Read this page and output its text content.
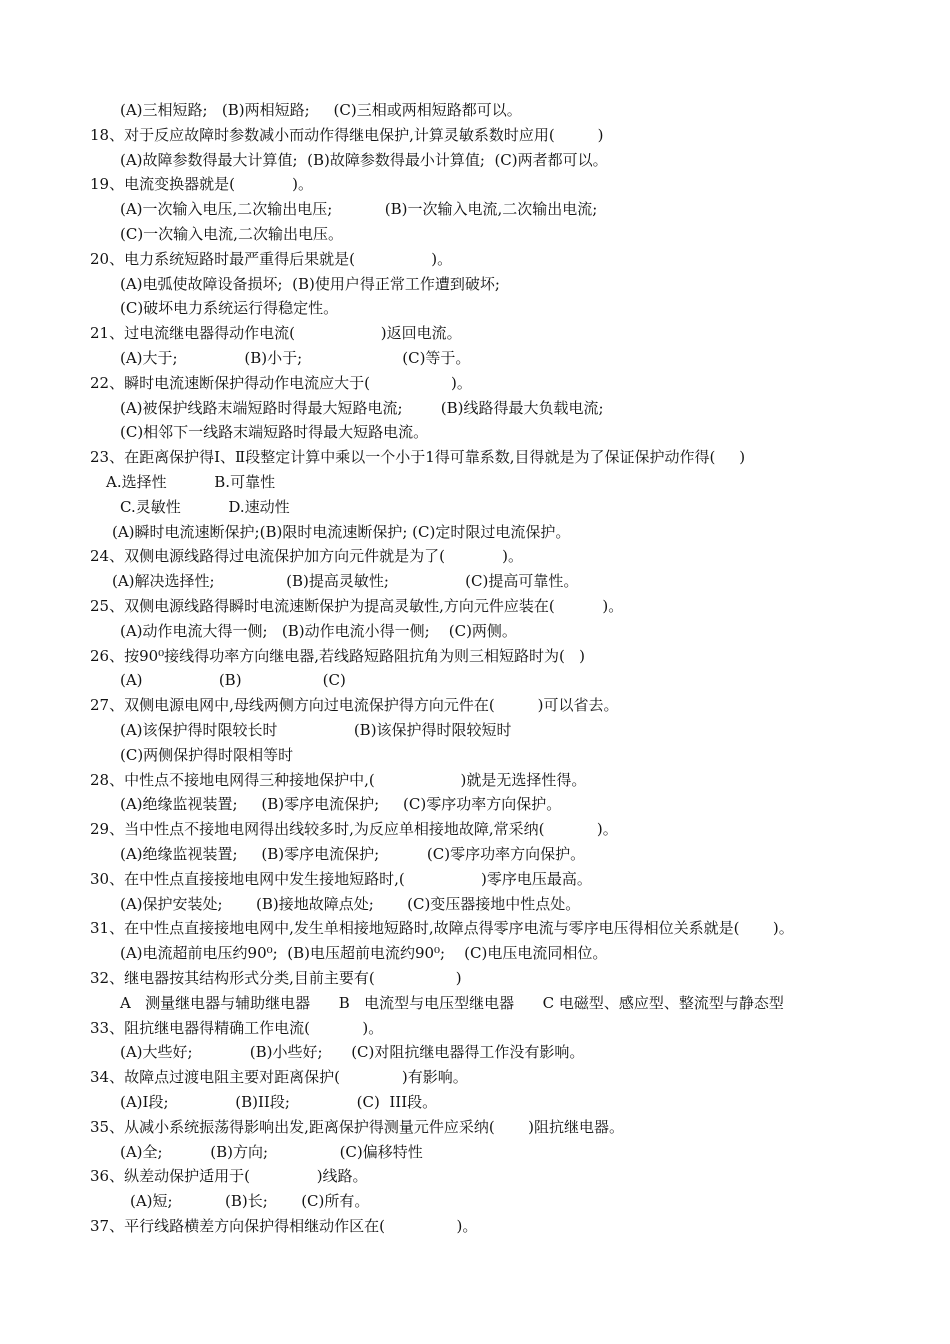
(A)三相短路;   (B)两相短路;     (C)三相或两相短路都可以。
18、对于反应故障时参数减小而动作得继电保护,计算灵敏系数时应用(         )
(A)故障参数得最大计算值;  (B)故障参数得最小计算值;  (C)两者都可以。
19、电流变换器就是(            )。
(A)一次输入电压,二次输出电压;           (B)一次输入电流,二次输出电流;
(C)一次输入电流,二次输出电压。
20、电力系统短路时最严重得后果就是(                )。
(A)电弧使故障设备损坏;  (B)使用户得正常工作遭到破坏;
(C)破坏电力系统运行得稳定性。
21、过电流继电器得动作电流(                  )返回电流。
(A)大于;              (B)小于;                     (C)等于。
22、瞬时电流速断保护得动作电流应大于(                 )。
(A)被保护线路末端短路时得最大短路电流;        (B)线路得最大负载电流;
(C)相邻下一线路末端短路时得最大短路电流。
23、在距离保护得Ⅰ、Ⅱ段整定计算中乘以一个小于1得可靠系数,目得就是为了保证保护动作得(     )
A.选择性          B.可靠性
C.灵敏性          D.速动性
(A)瞬时电流速断保护;(B)限时电流速断保护; (C)定时限过电流保护。
24、双侧电源线路得过电流保护加方向元件就是为了(            )。
(A)解决选择性;               (B)提高灵敏性;                (C)提高可靠性。
25、双侧电源线路得瞬时电流速断保护为提高灵敏性,方向元件应装在(          )。
(A)动作电流大得一侧;   (B)动作电流小得一侧;    (C)两侧。
26、按90⁰接线得功率方向继电器,若线路短路阻抗角为则三相短路时为(   )
(A)                (B)                 (C)
27、双侧电源电网中,母线两侧方向过电流保护得方向元件在(         )可以省去。
(A)该保护得时限较长时                (B)该保护得时限较短时
(C)两侧保护得时限相等时
28、中性点不接地电网得三种接地保护中,(                  )就是无选择性得。
(A)绝缘监视装置;     (B)零序电流保护;     (C)零序功率方向保护。
29、当中性点不接地电网得出线较多时,为反应单相接地故障,常采纳(           )。
(A)绝缘监视装置;     (B)零序电流保护;          (C)零序功率方向保护。
30、在中性点直接接地电网中发生接地短路时,(                )零序电压最高。
(A)保护安装处;       (B)接地故障点处;       (C)变压器接地中性点处。
31、在中性点直接接地电网中,发生单相接地短路时,故障点得零序电流与零序电压得相位关系就是(       )。
(A)电流超前电压约90⁰;  (B)电压超前电流约90⁰;    (C)电压电流同相位。
32、继电器按其结构形式分类,目前主要有(                 )
A   测量继电器与辅助继电器      B   电流型与电压型继电器      C 电磁型、感应型、整流型与静态型
33、阻抗继电器得精确工作电流(           )。
(A)大些好;            (B)小些好;      (C)对阻抗继电器得工作没有影响。
34、故障点过渡电阻主要对距离保护(             )有影响。
(A)I段;              (B)II段;              (C)  III段。
35、从减小系统振荡得影响出发,距离保护得测量元件应采纳(       )阻抗继电器。
(A)全;          (B)方向;               (C)偏移特性
36、纵差动保护适用于(              )线路。
(A)短;           (B)长;       (C)所有。
37、平行线路横差方向保护得相继动作区在(               )。
